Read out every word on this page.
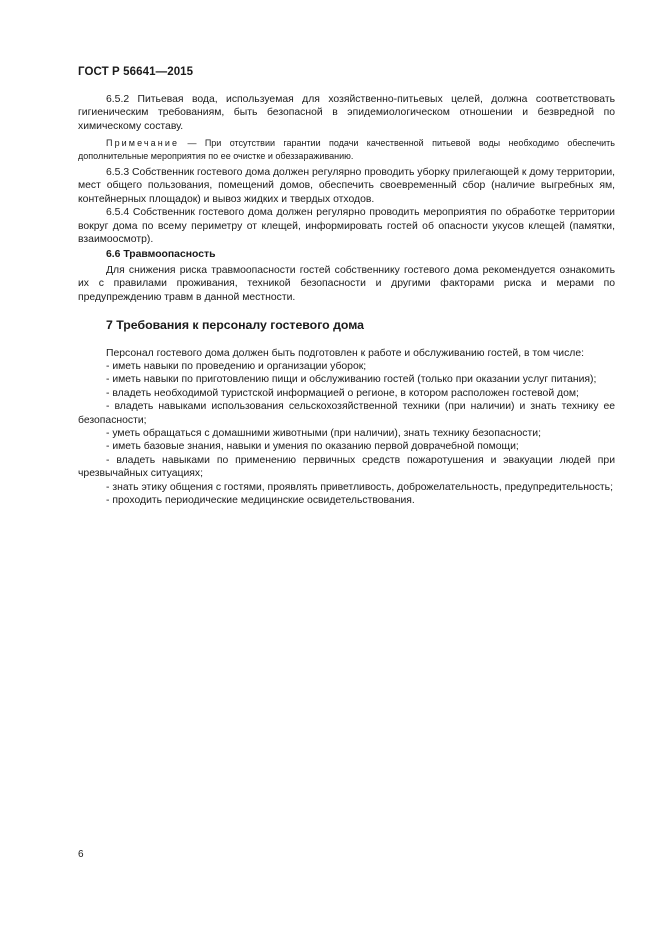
ГОСТ Р 56641—2015

6.5.2 Питьевая вода, используемая для хозяйственно-питьевых целей, должна соответствовать гигиеническим требованиям, быть безопасной в эпидемиологическом отношении и безвредной по химическому составу.

Примечание — При отсутствии гарантии подачи качественной питьевой воды необходимо обеспечить дополнительные мероприятия по ее очистке и обеззараживанию.

6.5.3 Собственник гостевого дома должен регулярно проводить уборку прилегающей к дому территории, мест общего пользования, помещений домов, обеспечить своевременный сбор (наличие выгребных ям, контейнерных площадок) и вывоз жидких и твердых отходов.

6.5.4 Собственник гостевого дома должен регулярно проводить мероприятия по обработке территории вокруг дома по всему периметру от клещей, информировать гостей об опасности укусов клещей (памятки, взаимоосмотр).

6.6 Травмоопасность

Для снижения риска травмоопасности гостей собственнику гостевого дома рекомендуется ознакомить их с правилами проживания, техникой безопасности и другими факторами риска и мерами по предупреждению травм в данной местности.

7 Требования к персоналу гостевого дома

Персонал гостевого дома должен быть подготовлен к работе и обслуживанию гостей, в том числе:

- иметь навыки по проведению и организации уборок;

- иметь навыки по приготовлению пищи и обслуживанию гостей (только при оказании услуг питания);

- владеть необходимой туристской информацией о регионе, в котором расположен гостевой дом;

- владеть навыками использования сельскохозяйственной техники (при наличии) и знать технику ее безопасности;

- уметь обращаться с домашними животными (при наличии), знать технику безопасности;

- иметь базовые знания, навыки и умения по оказанию первой доврачебной помощи;

- владеть навыками по применению первичных средств пожаротушения и эвакуации людей при чрезвычайных ситуациях;

- знать этику общения с гостями, проявлять приветливость, доброжелательность, предупредительность;

- проходить периодические медицинские освидетельствования.

6
